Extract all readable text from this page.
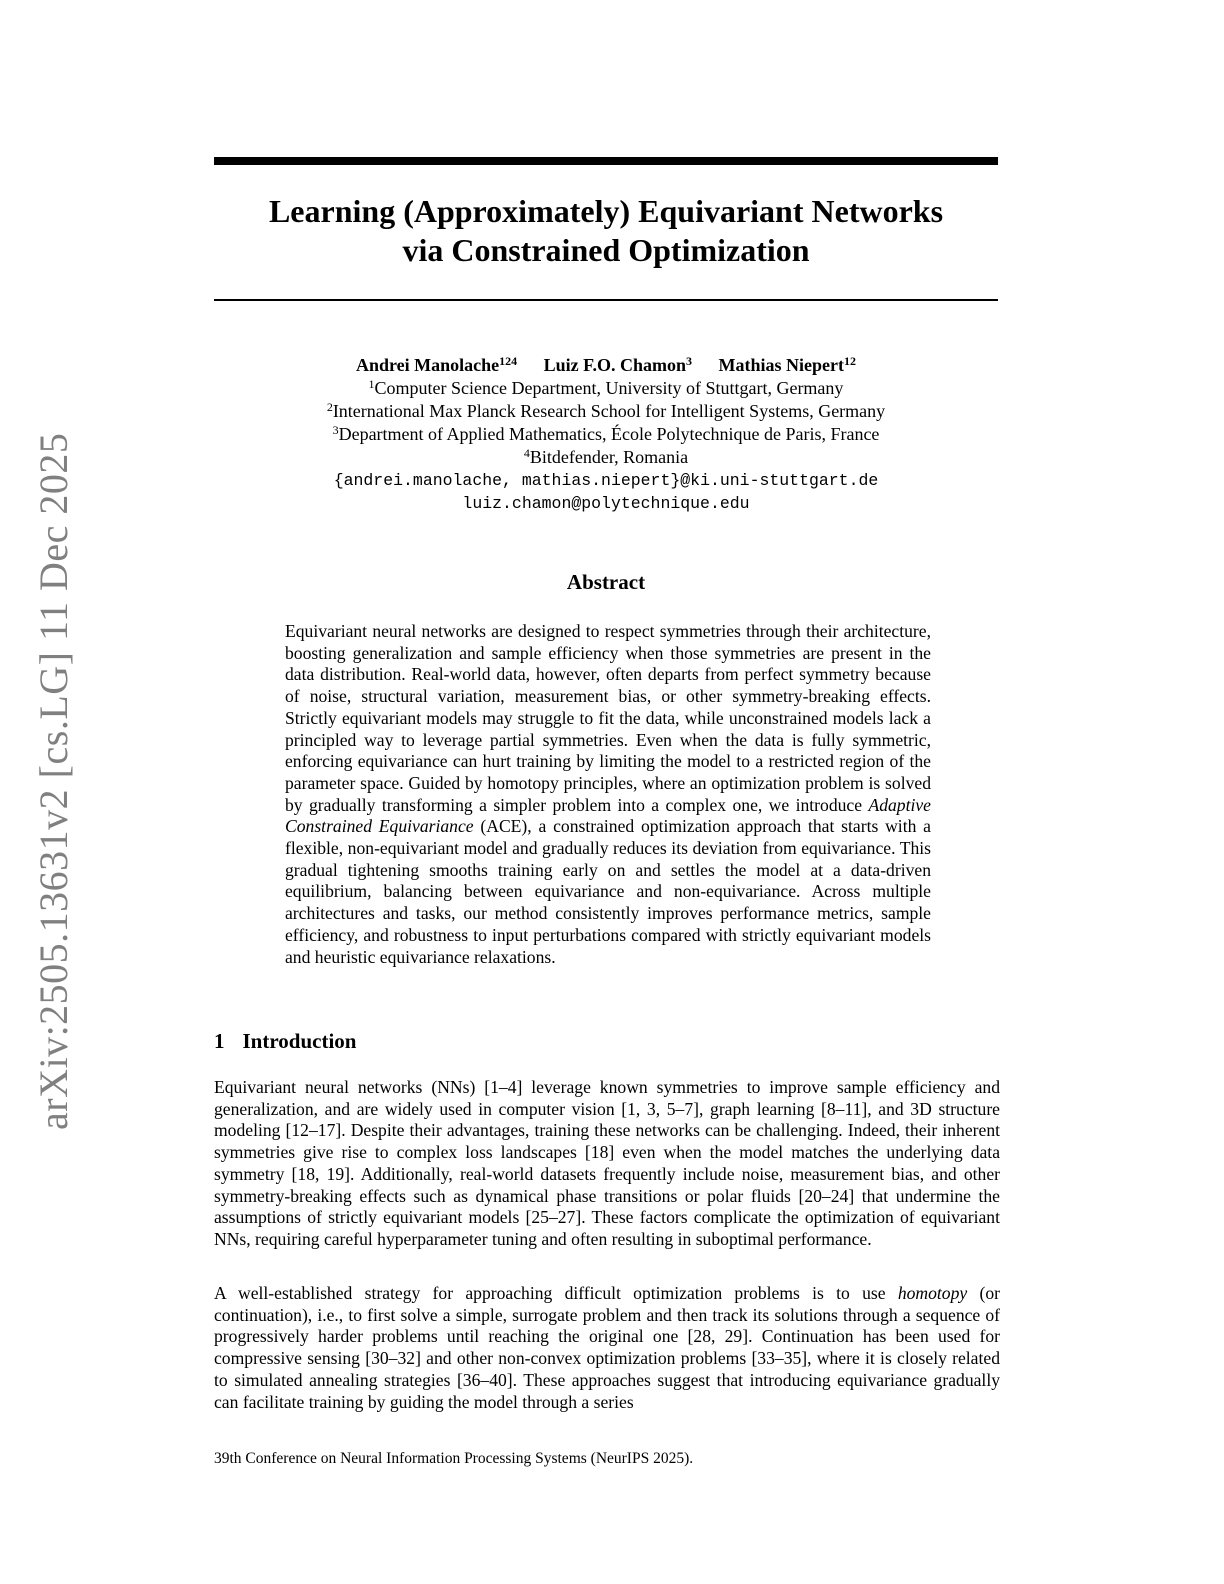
arXiv:2505.13631v2 [cs.LG] 11 Dec 2025
Learning (Approximately) Equivariant Networks
via Constrained Optimization
Andrei Manolache$^{124}$ Luiz F.O. Chamon$^3$ Mathias Niepert$^{12}$
$^1$Computer Science Department, University of Stuttgart, Germany
$^2$International Max Planck Research School for Intelligent Systems, Germany
$^3$Department of Applied Mathematics, École Polytechnique de Paris, France
$^4$Bitdefender, Romania
{andrei.manolache, mathias.niepert}@ki.uni-stuttgart.de
luiz.chamon@polytechnique.edu
Abstract
Equivariant neural networks are designed to respect symmetries through their architecture, boosting generalization and sample efficiency when those symmetries are present in the data distribution. Real-world data, however, often departs from perfect symmetry because of noise, structural variation, measurement bias, or other symmetry-breaking effects. Strictly equivariant models may struggle to fit the data, while unconstrained models lack a principled way to leverage partial symmetries. Even when the data is fully symmetric, enforcing equivariance can hurt training by limiting the model to a restricted region of the parameter space. Guided by homotopy principles, where an optimization problem is solved by gradually transforming a simpler problem into a complex one, we introduce Adaptive Constrained Equivariance (ACE), a constrained optimization approach that starts with a flexible, non-equivariant model and gradually reduces its deviation from equivariance. This gradual tightening smooths training early on and settles the model at a data-driven equilibrium, balancing between equivariance and non-equivariance. Across multiple architectures and tasks, our method consistently improves performance metrics, sample efficiency, and robustness to input perturbations compared with strictly equivariant models and heuristic equivariance relaxations.
1 Introduction
Equivariant neural networks (NNs) [1–4] leverage known symmetries to improve sample efficiency and generalization, and are widely used in computer vision [1, 3, 5–7], graph learning [8–11], and 3D structure modeling [12–17]. Despite their advantages, training these networks can be challenging. Indeed, their inherent symmetries give rise to complex loss landscapes [18] even when the model matches the underlying data symmetry [18, 19]. Additionally, real-world datasets frequently include noise, measurement bias, and other symmetry-breaking effects such as dynamical phase transitions or polar fluids [20–24] that undermine the assumptions of strictly equivariant models [25–27]. These factors complicate the optimization of equivariant NNs, requiring careful hyperparameter tuning and often resulting in suboptimal performance.
A well-established strategy for approaching difficult optimization problems is to use homotopy (or continuation), i.e., to first solve a simple, surrogate problem and then track its solutions through a sequence of progressively harder problems until reaching the original one [28, 29]. Continuation has been used for compressive sensing [30–32] and other non-convex optimization problems [33–35], where it is closely related to simulated annealing strategies [36–40]. These approaches suggest that introducing equivariance gradually can facilitate training by guiding the model through a series
39th Conference on Neural Information Processing Systems (NeurIPS 2025).
